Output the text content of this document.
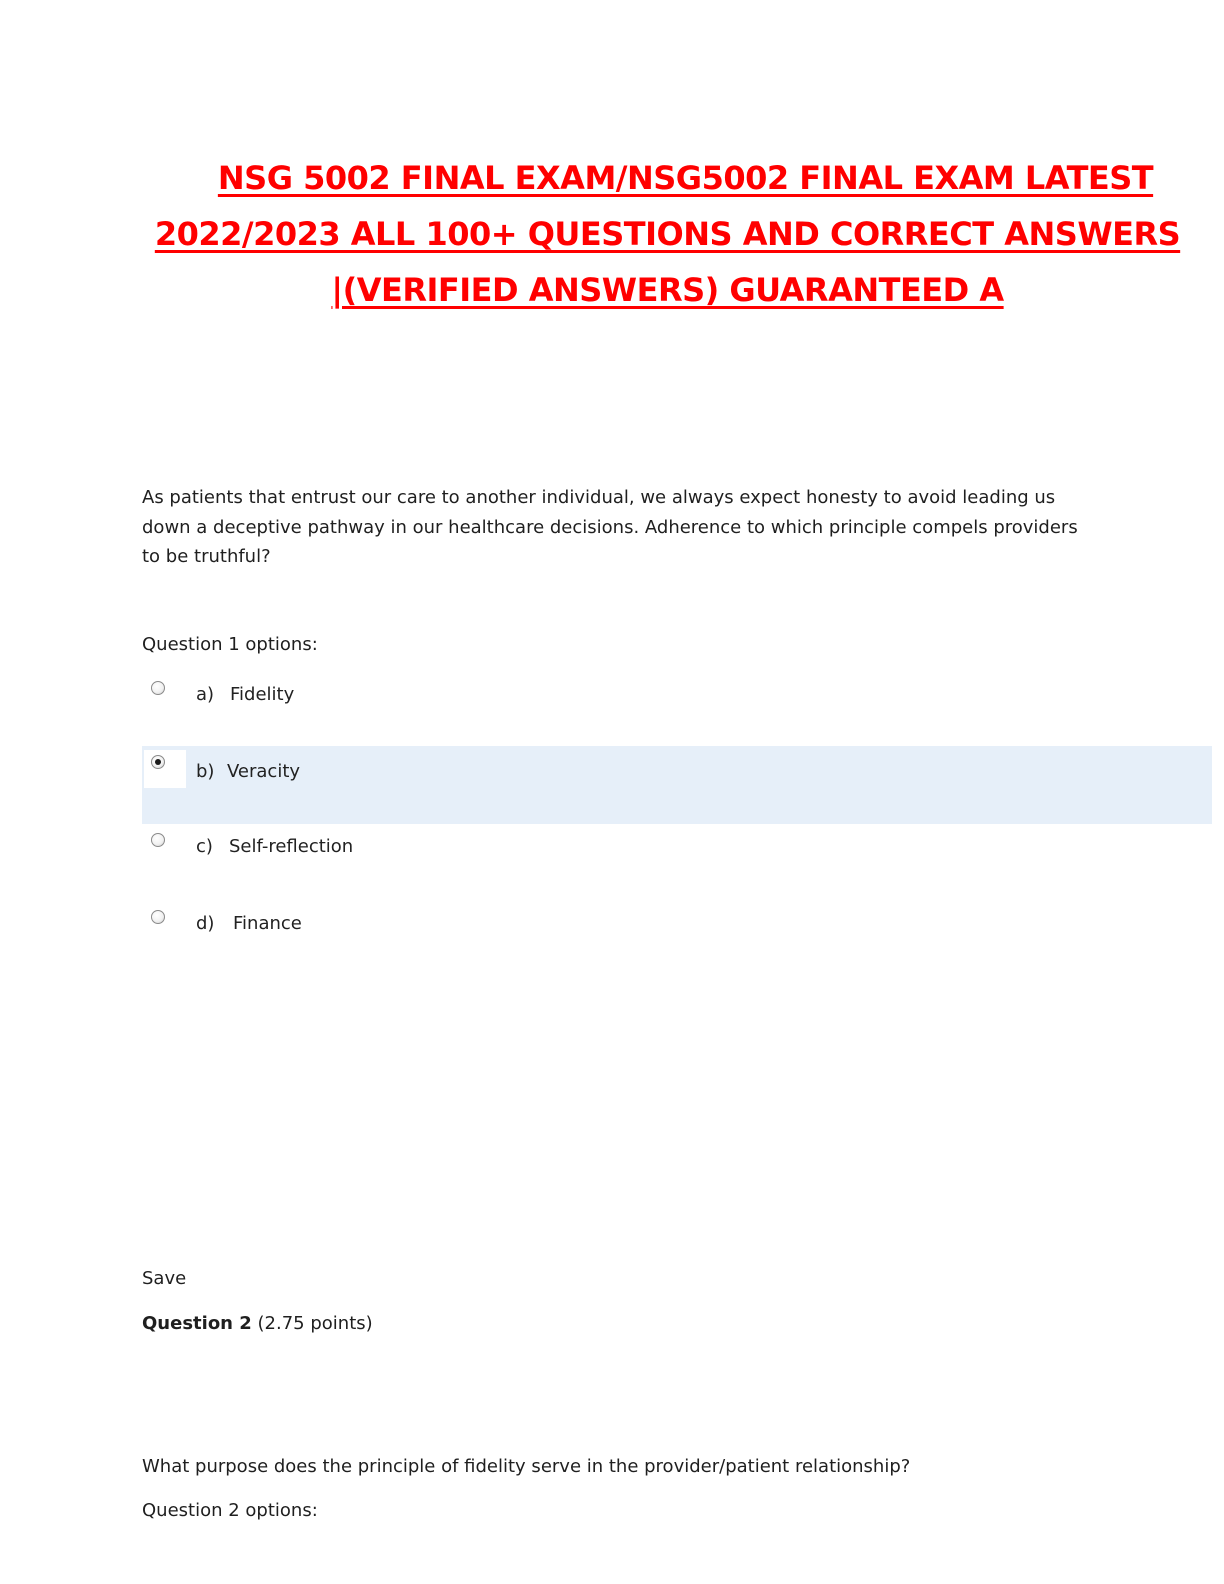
NSG 5002 FINAL EXAM/NSG5002 FINAL EXAM LATEST
2022/2023 ALL 100+ QUESTIONS AND CORRECT ANSWERS
|(VERIFIED ANSWERS) GUARANTEED A
As patients that entrust our care to another individual, we always expect honesty to avoid leading us
down a deceptive pathway in our healthcare decisions. Adherence to which principle compels providers
to be truthful?
Question 1 options:
a) Fidelity
b) Veracity
c) Self-reflection
d) Finance
Save
Question 2 (2.75 points)
What purpose does the principle of fidelity serve in the provider/patient relationship?
Question 2 options:
